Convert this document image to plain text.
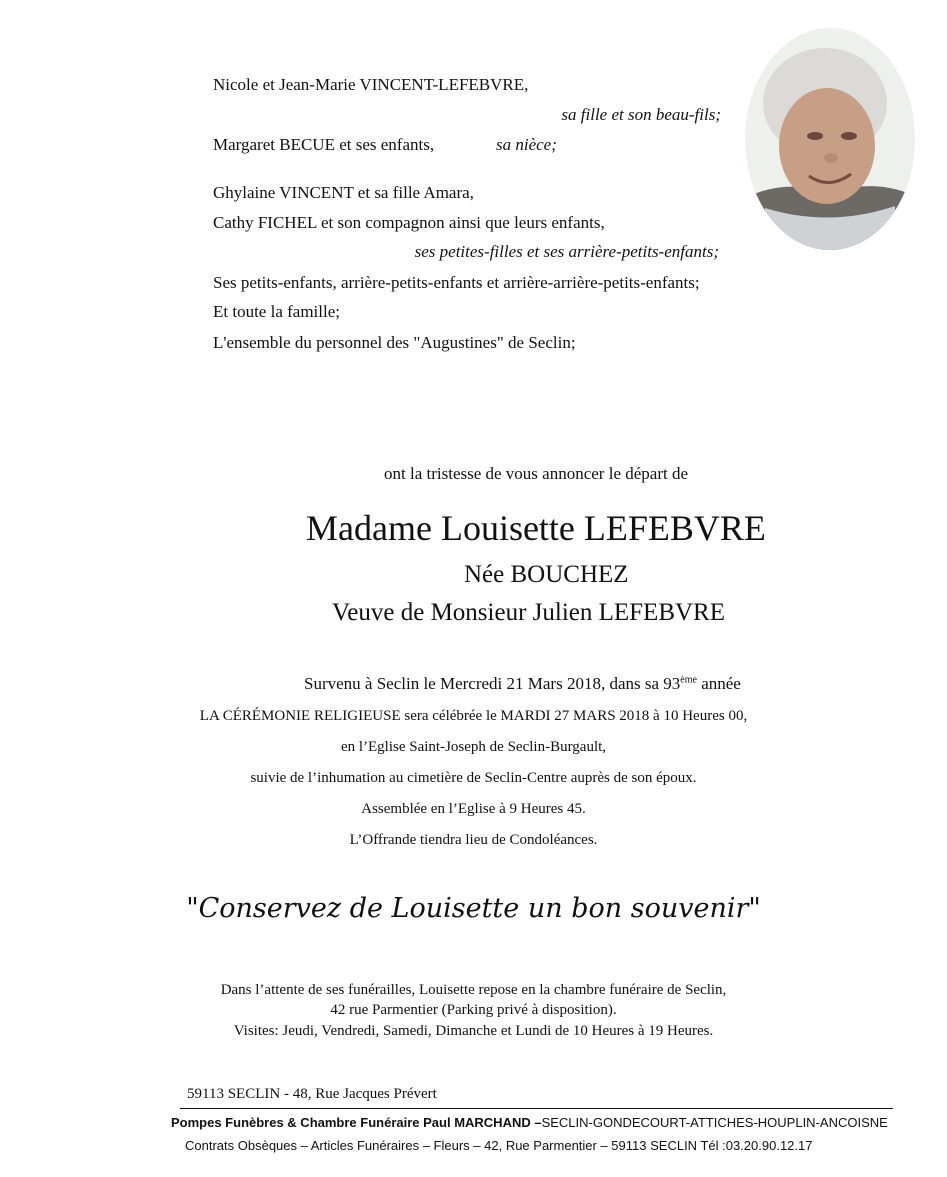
Nicole et Jean-Marie VINCENT-LEFEBVRE,
sa fille et son beau-fils;
Margaret BECUE et ses enfants,	sa nièce;
Ghylaine VINCENT et sa fille Amara,
Cathy FICHEL et son compagnon ainsi que leurs enfants,
ses petites-filles et ses arrière-petits-enfants;
Ses petits-enfants, arrière-petits-enfants et arrière-arrière-petits-enfants;
Et toute la famille;
L'ensemble du personnel des "Augustines" de Seclin;
ont la tristesse de vous annoncer le départ de
Madame Louisette LEFEBVRE
Née BOUCHEZ
Veuve de Monsieur Julien LEFEBVRE
Survenu à Seclin le Mercredi 21 Mars 2018, dans sa 93ème année
LA CÉRÉMONIE RELIGIEUSE sera célébrée le MARDI 27 MARS 2018 à 10 Heures 00,
en l’Eglise Saint-Joseph de Seclin-Burgault,
suivie de l’inhumation au cimetière de Seclin-Centre auprès de son époux.
Assemblée en l’Eglise à 9 Heures 45.
L’Offrande tiendra lieu de Condoléances.
"Conservez de Louisette un bon souvenir"
Dans l’attente de ses funérailles, Louisette repose en la chambre funéraire de Seclin,
42 rue Parmentier (Parking privé à disposition).
Visites: Jeudi, Vendredi, Samedi, Dimanche et Lundi de 10 Heures à 19 Heures.
59113 SECLIN - 48, Rue Jacques Prévert
Pompes Funèbres & Chambre Funéraire Paul MARCHAND –SECLIN-GONDECOURT-ATTICHES-HOUPLIN-ANCOISNE
Contrats Obsèques – Articles Funéraires – Fleurs – 42, Rue Parmentier – 59113 SECLIN Tél :03.20.90.12.17
